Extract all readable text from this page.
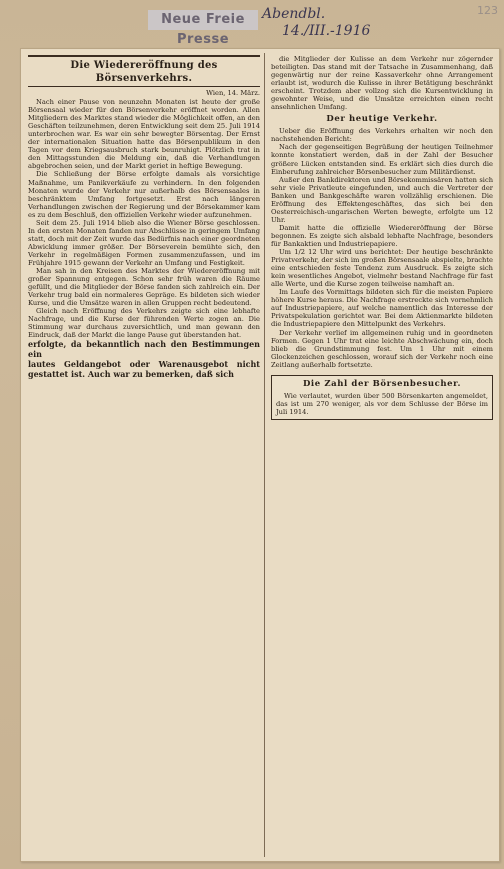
Neue Freie Presse
Abendbl.
14./III.-1916
123
Die Wiedereröffnung des Börsenverkehrs.
Wien, 14. März.

Nach einer Pause von neunzehn Monaten ist heute der große Börsensaal wieder für den Börsenverkehr eröffnet worden. Allen Mitgliedern des Marktes stand wieder die Möglichkeit offen, an den Geschäften teilzunehmen, deren Entwicklung seit dem 25. Juli 1914 unterbrochen war. Es war ein sehr bewegter Börsentag. Der Ernst der internationalen Situation hatte das Börsenpublikum in den Tagen vor dem Kriegsausbruch stark beunruhigt. Plötzlich trat in den Mittagsstunden die Meldung ein, daß die Verhandlungen abgebrochen seien, und der Markt geriet in heftige Bewegung.

Die Schließung der Börse erfolgte damals als vorsichtige Maßnahme, um Panikverkäufe zu verhindern. In den folgenden Monaten wurde der Verkehr nur außerhalb des Börsensaales in beschränktem Umfang fortgesetzt. Erst nach längeren Verhandlungen zwischen der Regierung und der Börsekammer kam es zu dem Beschluß, den offiziellen Verkehr wieder aufzunehmen.

Seit dem 25. Juli 1914 blieb also die Wiener Börse geschlossen. In den ersten Monaten fanden nur Abschlüsse in geringem Umfang statt, doch mit der Zeit wurde das Bedürfnis nach einer geordneten Abwicklung immer größer. Der Börseverein bemühte sich, den Verkehr in regelmäßigen Formen zusammenzufassen, und im Frühjahre 1915 gewann der Verkehr an Umfang und Festigkeit.

Man sah in den Kreisen des Marktes der Wiedereröffnung mit großer Spannung entgegen. Schon sehr früh waren die Räume gefüllt, und die Mitglieder der Börse fanden sich zahlreich ein. Der Verkehr trug bald ein normaleres Gepräge. Es bildeten sich wieder Kurse, und die Umsätze waren in allen Gruppen recht bedeutend.

Gleich nach Eröffnung des Verkehrs zeigte sich eine lebhafte Nachfrage, und die Kurse der führenden Werte zogen an. Die Stimmung war durchaus zuversichtlich, und man gewann den Eindruck, daß der Markt die lange Pause gut überstanden hat.

erfolgte, da bekanntlich nach den Bestimmungen ein

lautes Geldangebot oder Warenausgebot nicht gestattet ist. Auch war zu bemerken, daß sich

die Mitglieder der Kulisse an dem Verkehr nur zögernder beteiligten. Das stand mit der Tatsache in Zusammenhang, daß gegenwärtig nur der reine Kassaverkehr ohne Arrangement erlaubt ist, wodurch die Kulisse in ihrer Betätigung beschränkt erscheint. Trotzdem aber vollzog sich die Kursentwicklung in gewohnter Weise, und die Umsätze erreichten einen recht ansehnlichen Umfang.

Der heutige Verkehr.

Ueber die Eröffnung des Verkehrs erhalten wir noch den nachstehenden Bericht:

Nach der gegenseitigen Begrüßung der heutigen Teilnehmer konnte konstatiert werden, daß in der Zahl der Besucher größere Lücken entstanden sind. Es erklärt sich dies durch die Einberufung zahlreicher Börsenbesucher zum Militärdienst.

Außer den Bankdirektoren und Börsekommissären hatten sich sehr viele Privatleute eingefunden, und auch die Vertreter der Banken und Bankgeschäfte waren vollzählig erschienen. Die Eröffnung des Effektengeschäftes, das sich bei den Oesterreichisch-ungarischen Werten bewegte, erfolgte um 12 Uhr.

Damit hatte die offizielle Wiedereröffnung der Börse begonnen. Es zeigte sich alsbald lebhafte Nachfrage, besonders für Bankaktien und Industriepapiere.

Um 1/2 12 Uhr wird uns berichtet: Der heutige beschränkte Privatverkehr, der sich im großen Börsensaale abspielte, brachte eine entschieden feste Tendenz zum Ausdruck. Es zeigte sich kein wesentliches Angebot, vielmehr bestand Nachfrage für fast alle Werte, und die Kurse zogen teilweise namhaft an.

Im Laufe des Vormittags bildeten sich für die meisten Papiere höhere Kurse heraus. Die Nachfrage erstreckte sich vornehmlich auf Industriepapiere, auf welche namentlich das Interesse der Privatspekulation gerichtet war. Bei dem Aktienmarkte bildeten die Industriepapiere den Mittelpunkt des Verkehrs.

Der Verkehr verlief im allgemeinen ruhig und in geordneten Formen. Gegen 1 Uhr trat eine leichte Abschwächung ein, doch blieb die Grundstimmung fest. Um 1 Uhr mit einem Glockenzeichen geschlossen, worauf sich der Verkehr noch eine Zeitlang außerhalb fortsetzte.

Die Zahl der Börsenbesucher.

Wie verlautet, wurden über 500 Börsenkarten angemeldet, das ist um 270 weniger, als vor dem Schlusse der Börse im Juli 1914.
